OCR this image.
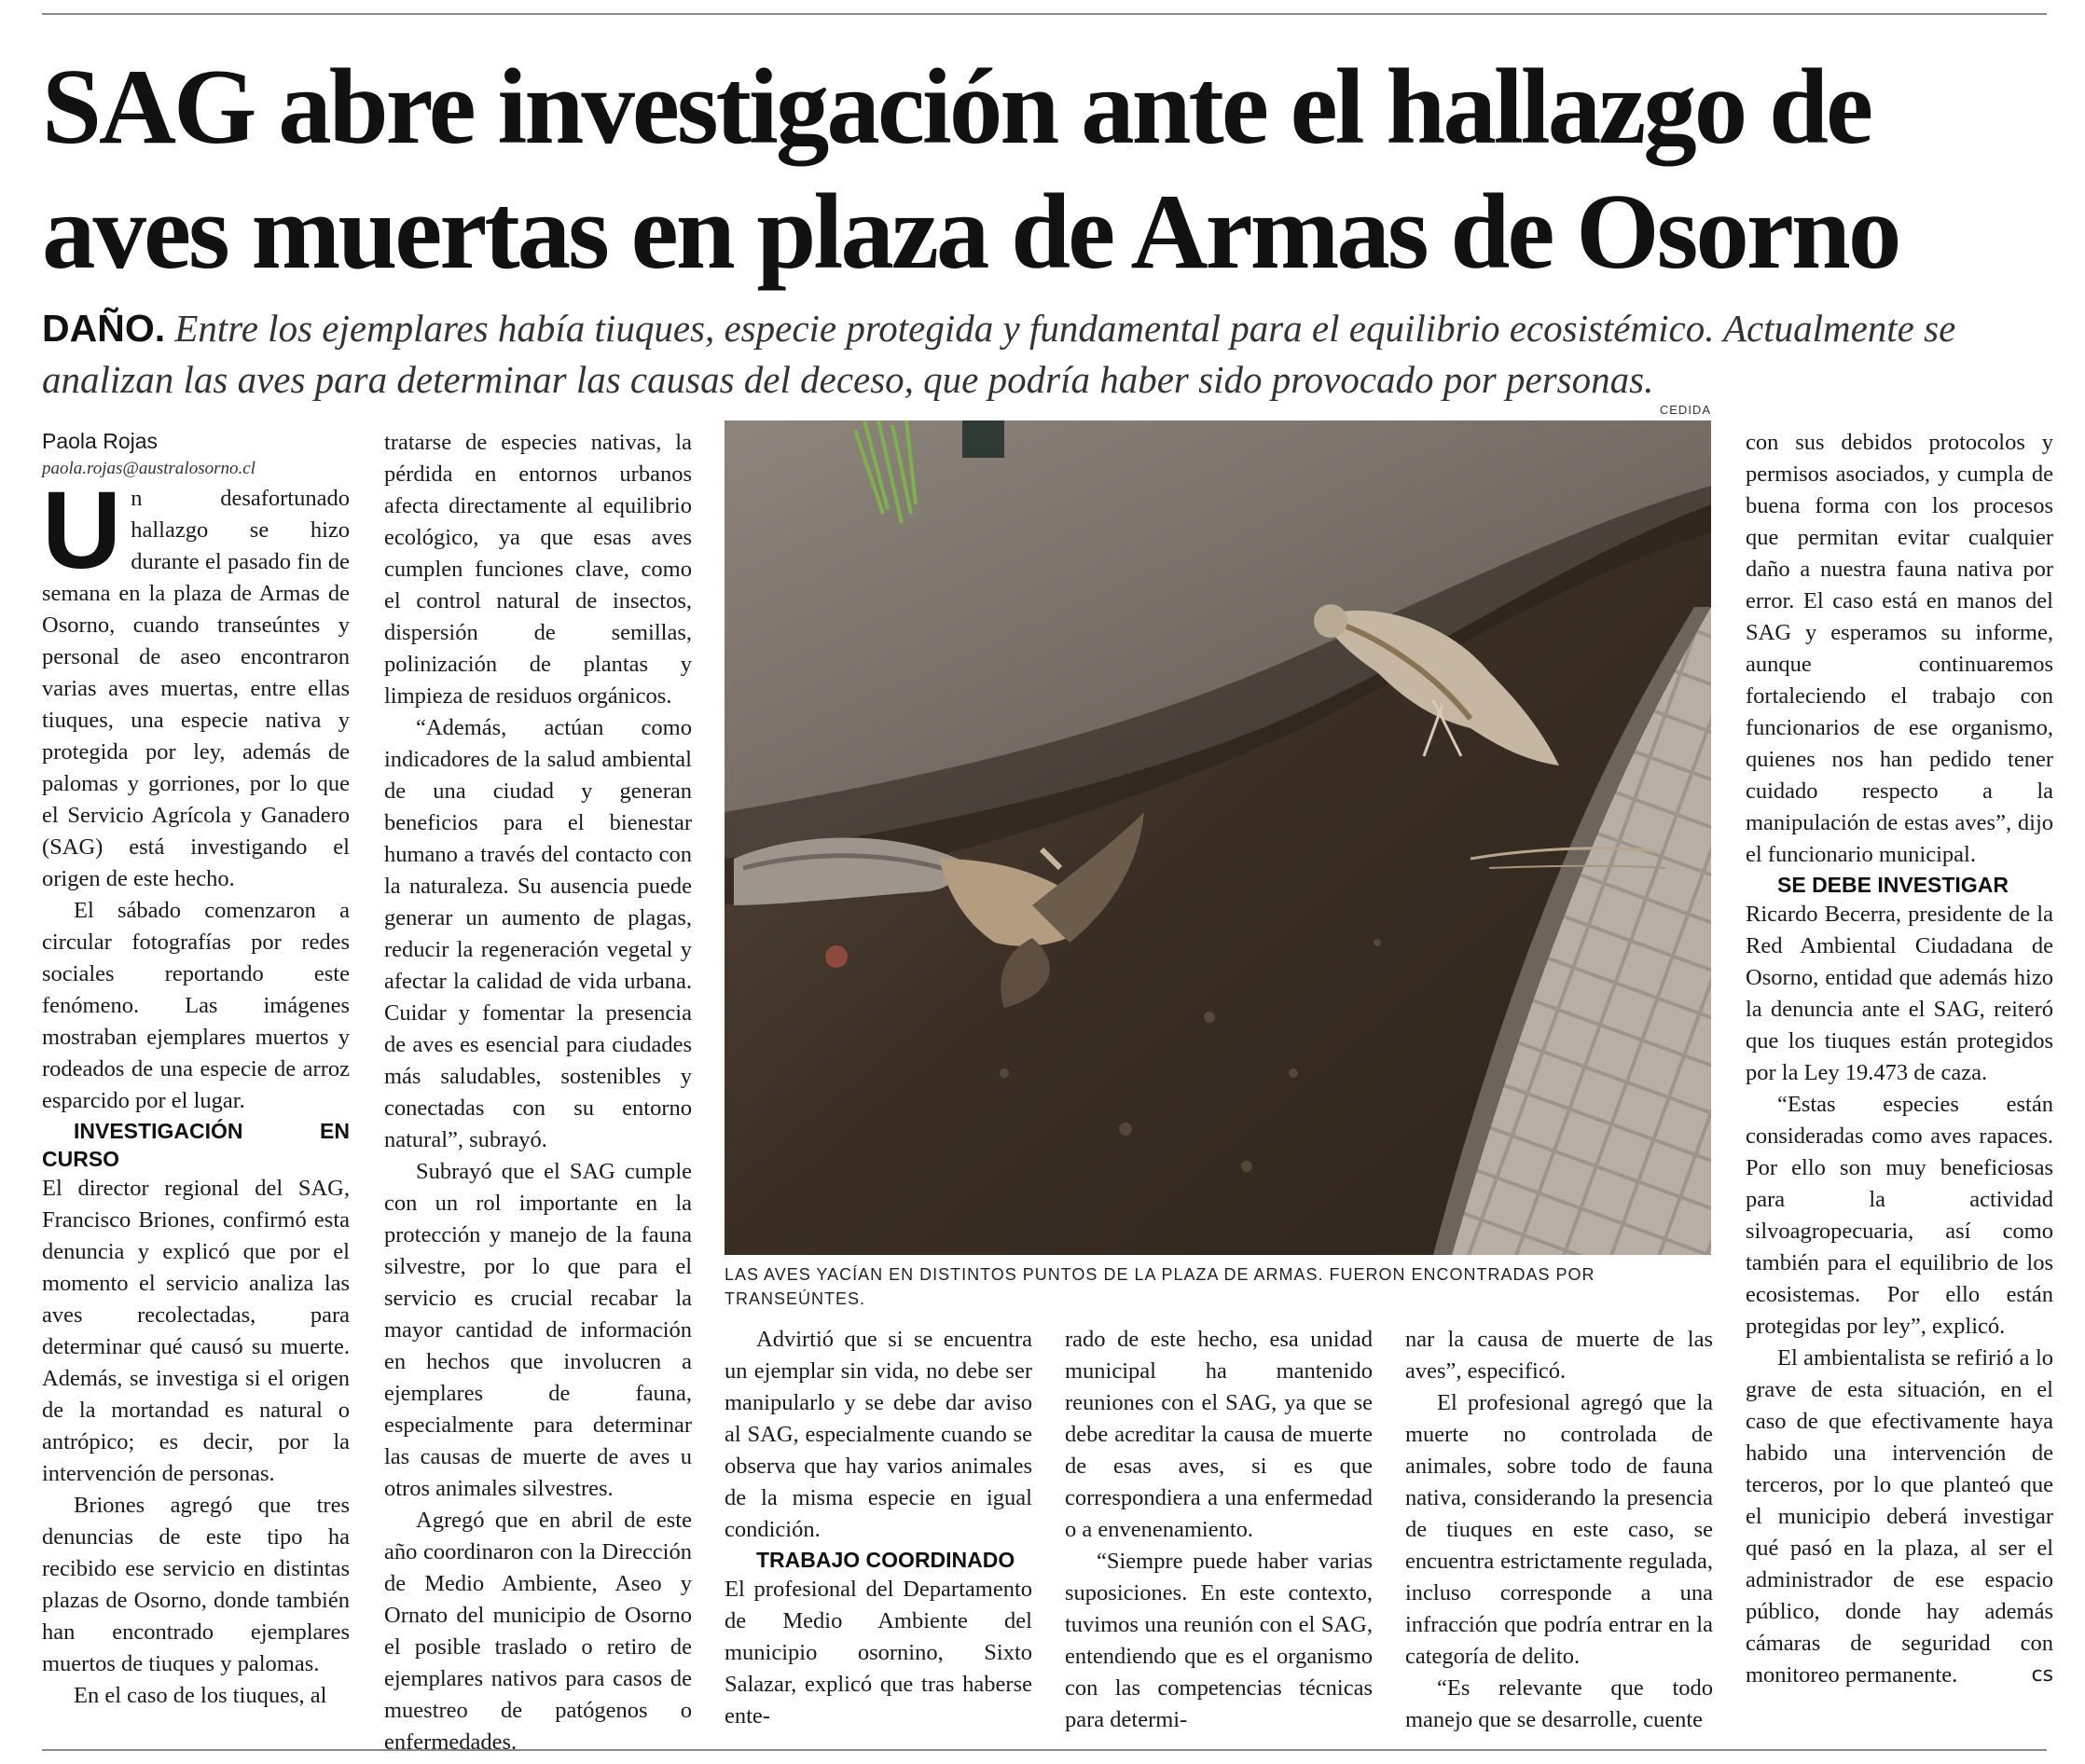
SAG abre investigación ante el hallazgo de
aves muertas en plaza de Armas de Osorno
DAÑO. Entre los ejemplares había tiuques, especie protegida y fundamental para el equilibrio ecosistémico. Actualmente se analizan las aves para determinar las causas del deceso, que podría haber sido provocado por personas.
CEDIDA

Paola Rojas

paola.rojas@australosorno.cl

Un desafortunado hallazgo se hizo durante el pasado fin de semana en la plaza de Armas de Osorno, cuando transeúntes y personal de aseo encontraron varias aves muertas, entre ellas tiuques, una especie nativa y protegida por ley, además de palomas y gorriones, por lo que el Servicio Agrícola y Ganadero (SAG) está investigando el origen de este hecho.

El sábado comenzaron a circular fotografías por redes sociales reportando este fenómeno. Las imágenes mostraban ejemplares muertos y rodeados de una especie de arroz esparcido por el lugar.

INVESTIGACIÓN EN CURSO

El director regional del SAG, Francisco Briones, confirmó esta denuncia y explicó que por el momento el servicio analiza las aves recolectadas, para determinar qué causó su muerte. Además, se investiga si el origen de la mortandad es natural o antrópico; es decir, por la intervención de personas.

Briones agregó que tres denuncias de este tipo ha recibido ese servicio en distintas plazas de Osorno, donde también han encontrado ejemplares muertos de tiuques y palomas.

En el caso de los tiuques, al

tratarse de especies nativas, la pérdida en entornos urbanos afecta directamente al equilibrio ecológico, ya que esas aves cumplen funciones clave, como el control natural de insectos, dispersión de semillas, polinización de plantas y limpieza de residuos orgánicos.

“Además, actúan como indicadores de la salud ambiental de una ciudad y generan beneficios para el bienestar humano a través del contacto con la naturaleza. Su ausencia puede generar un aumento de plagas, reducir la regeneración vegetal y afectar la calidad de vida urbana. Cuidar y fomentar la presencia de aves es esencial para ciudades más saludables, sostenibles y conectadas con su entorno natural”, subrayó.

Subrayó que el SAG cumple con un rol importante en la protección y manejo de la fauna silvestre, por lo que para el servicio es crucial recabar la mayor cantidad de información en hechos que involucren a ejemplares de fauna, especialmente para determinar las causas de muerte de aves u otros animales silvestres.

Agregó que en abril de este año coordinaron con la Dirección de Medio Ambiente, Aseo y Ornato del municipio de Osorno el posible traslado o retiro de ejemplares nativos para casos de muestreo de patógenos o enfermedades.

LAS AVES YACÍAN EN DISTINTOS PUNTOS DE LA PLAZA DE ARMAS. FUERON ENCONTRADAS POR TRANSEÚNTES.

Advirtió que si se encuentra un ejemplar sin vida, no debe ser manipularlo y se debe dar aviso al SAG, especialmente cuando se observa que hay varios animales de la misma especie en igual condición.

TRABAJO COORDINADO

El profesional del Departamento de Medio Ambiente del municipio osornino, Sixto Salazar, explicó que tras haberse ente-

rado de este hecho, esa unidad municipal ha mantenido reuniones con el SAG, ya que se debe acreditar la causa de muerte de esas aves, si es que correspondiera a una enfermedad o a envenenamiento.

“Siempre puede haber varias suposiciones. En este contexto, tuvimos una reunión con el SAG, entendiendo que es el organismo con las competencias técnicas para determi-

nar la causa de muerte de las aves”, especificó.

El profesional agregó que la muerte no controlada de animales, sobre todo de fauna nativa, considerando la presencia de tiuques en este caso, se encuentra estrictamente regulada, incluso corresponde a una infracción que podría entrar en la categoría de delito.

“Es relevante que todo manejo que se desarrolle, cuente

con sus debidos protocolos y permisos asociados, y cumpla de buena forma con los procesos que permitan evitar cualquier daño a nuestra fauna nativa por error. El caso está en manos del SAG y esperamos su informe, aunque continuaremos fortaleciendo el trabajo con funcionarios de ese organismo, quienes nos han pedido tener cuidado respecto a la manipulación de estas aves”, dijo el funcionario municipal.

SE DEBE INVESTIGAR

Ricardo Becerra, presidente de la Red Ambiental Ciudadana de Osorno, entidad que además hizo la denuncia ante el SAG, reiteró que los tiuques están protegidos por la Ley 19.473 de caza.

“Estas especies están consideradas como aves rapaces. Por ello son muy beneficiosas para la actividad silvoagropecuaria, así como también para el equilibrio de los ecosistemas. Por ello están protegidas por ley”, explicó.

El ambientalista se refirió a lo grave de esta situación, en el caso de que efectivamente haya habido una intervención de terceros, por lo que planteó que el municipio deberá investigar qué pasó en la plaza, al ser el administrador de ese espacio público, donde hay además cámaras de seguridad con monitoreo permanente.	cs
